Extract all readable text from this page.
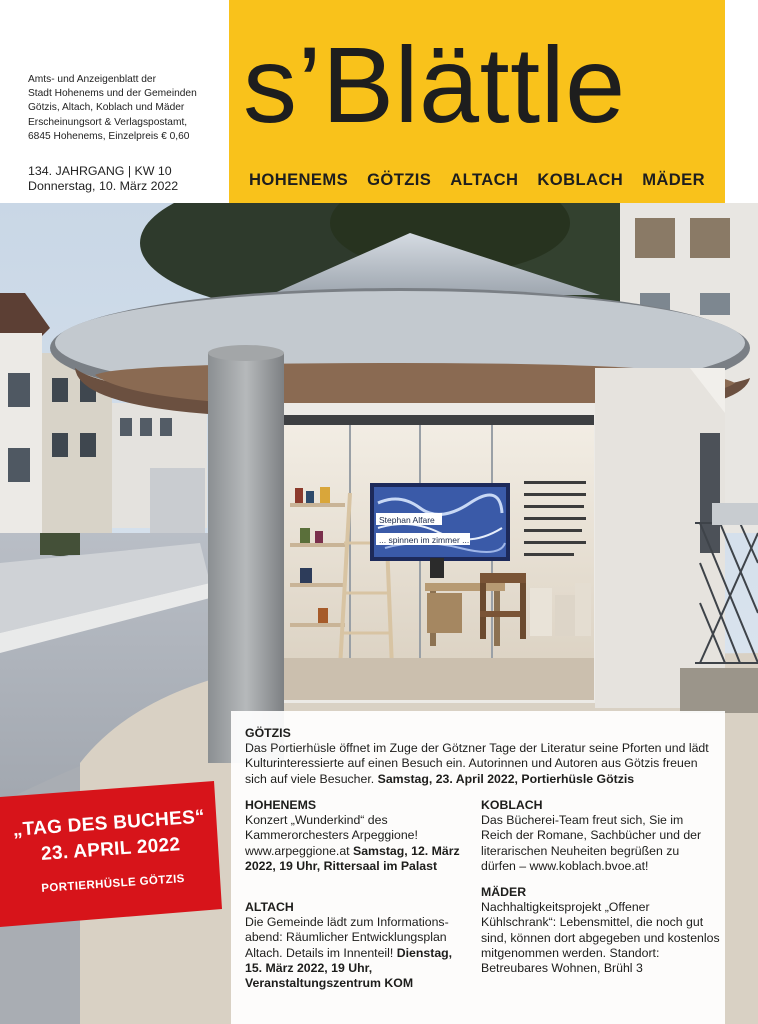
Amts- und Anzeigenblatt der
Stadt Hohenems und der Gemeinden
Götzis, Altach, Koblach und Mäder
Erscheinungsort & Verlagspostamt,
6845 Hohenems, Einzelpreis € 0,60
134. JAHRGANG | KW 10
Donnerstag, 10. März 2022
s’Blättle
HOHENEMS GÖTZIS ALTACH KOBLACH MÄDER
Stephan Alfare
... spinnen im zimmer ...
„TAG DES BUCHES“
23. APRIL 2022
PORTIERHÜSLE GÖTZIS
GÖTZIS
Das Portierhüsle öffnet im Zuge der Götzner Tage der Literatur seine Pforten und lädt Kulturinteressierte auf einen Besuch ein. Autorinnen und Autoren aus Götzis freuen sich auf viele Besucher. Samstag, 23. April 2022, Portierhüsle Götzis
HOHENEMS
Konzert „Wunderkind“ des Kammerorchesters Arpeggione! www.arpeggione.at Samstag, 12. März 2022, 19 Uhr, Rittersaal im Palast
KOBLACH
Das Bücherei-Team freut sich, Sie im Reich der Romane, Sachbücher und der literarischen Neuheiten begrüßen zu dürfen – www.koblach.bvoe.at!
ALTACH
Die Gemeinde lädt zum Informations-abend: Räumlicher Entwicklungsplan Altach. Details im Innenteil! Dienstag, 15. März 2022, 19 Uhr, Veranstaltungszentrum KOM
MÄDER
Nachhaltigkeitsprojekt „Offener Kühlschrank“: Lebensmittel, die noch gut sind, können dort abgegeben und kostenlos mitgenommen werden. Standort: Betreubares Wohnen, Brühl 3
